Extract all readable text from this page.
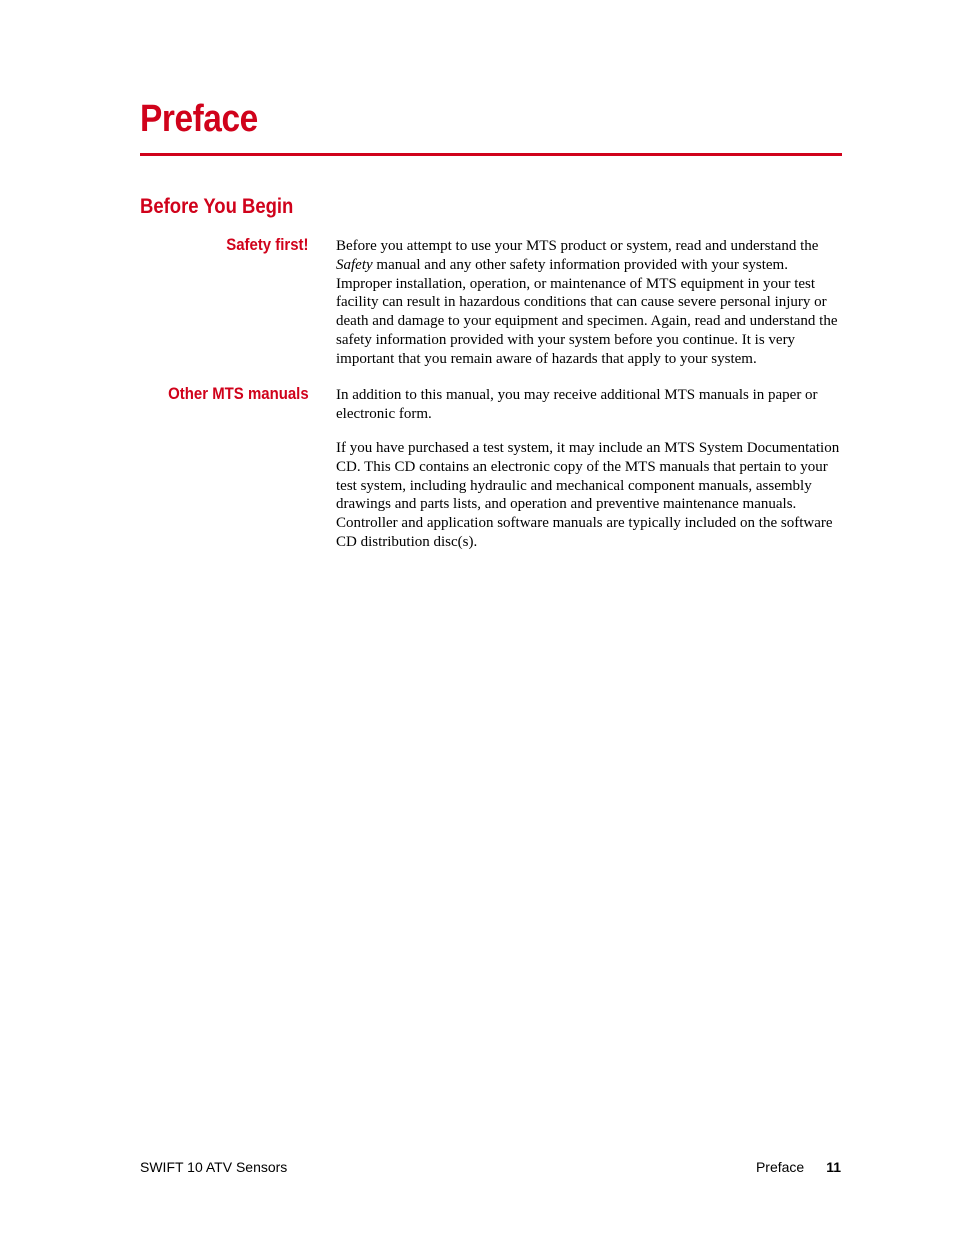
Preface
Before You Begin
Safety first! Before you attempt to use your MTS product or system, read and understand the Safety manual and any other safety information provided with your system. Improper installation, operation, or maintenance of MTS equipment in your test facility can result in hazardous conditions that can cause severe personal injury or death and damage to your equipment and specimen. Again, read and understand the safety information provided with your system before you continue. It is very important that you remain aware of hazards that apply to your system.

Other MTS manuals In addition to this manual, you may receive additional MTS manuals in paper or electronic form.

If you have purchased a test system, it may include an MTS System Documentation CD. This CD contains an electronic copy of the MTS manuals that pertain to your test system, including hydraulic and mechanical component manuals, assembly drawings and parts lists, and operation and preventive maintenance manuals. Controller and application software manuals are typically included on the software CD distribution disc(s).

SWIFT 10 ATV Sensors	Preface 11
